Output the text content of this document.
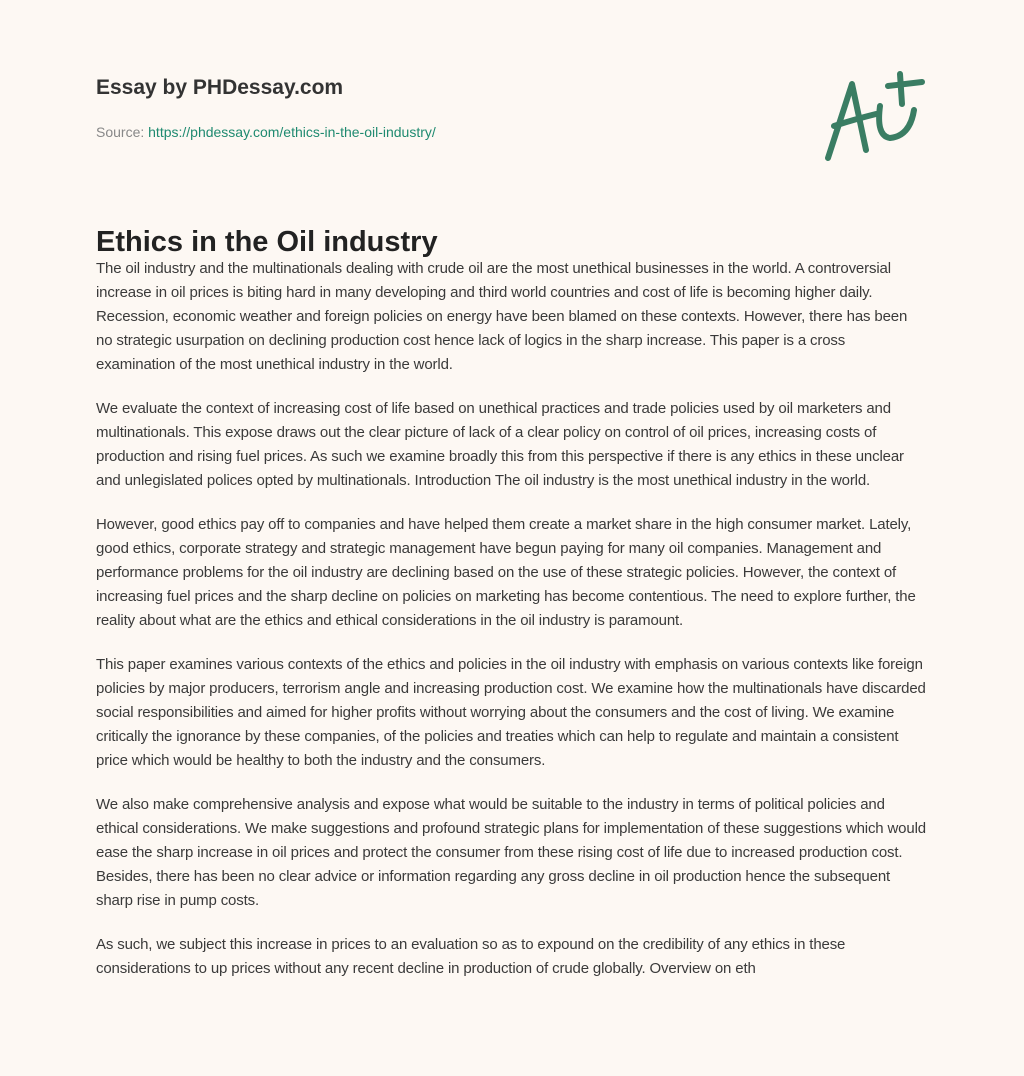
Essay by PHDessay.com

Source: https://phdessay.com/ethics-in-the-oil-industry/
Ethics in the Oil industry

The oil industry and the multinationals dealing with crude oil are the most unethical businesses in the world. A controversial increase in oil prices is biting hard in many developing and third world countries and cost of life is becoming higher daily. Recession, economic weather and foreign policies on energy have been blamed on these contexts. However, there has been no strategic usurpation on declining production cost hence lack of logics in the sharp increase. This paper is a cross examination of the most unethical industry in the world.

We evaluate the context of increasing cost of life based on unethical practices and trade policies used by oil marketers and multinationals. This expose draws out the clear picture of lack of a clear policy on control of oil prices, increasing costs of production and rising fuel prices. As such we examine broadly this from this perspective if there is any ethics in these unclear and unlegislated polices opted by multinationals. Introduction The oil industry is the most unethical industry in the world.

However, good ethics pay off to companies and have helped them create a market share in the high consumer market. Lately, good ethics, corporate strategy and strategic management have begun paying for many oil companies. Management and performance problems for the oil industry are declining based on the use of these strategic policies. However, the context of increasing fuel prices and the sharp decline on policies on marketing has become contentious. The need to explore further, the reality about what are the ethics and ethical considerations in the oil industry is paramount.

This paper examines various contexts of the ethics and policies in the oil industry with emphasis on various contexts like foreign policies by major producers, terrorism angle and increasing production cost. We examine how the multinationals have discarded social responsibilities and aimed for higher profits without worrying about the consumers and the cost of living. We examine critically the ignorance by these companies, of the policies and treaties which can help to regulate and maintain a consistent price which would be healthy to both the industry and the consumers.

We also make comprehensive analysis and expose what would be suitable to the industry in terms of political policies and ethical considerations. We make suggestions and profound strategic plans for implementation of these suggestions which would ease the sharp increase in oil prices and protect the consumer from these rising cost of life due to increased production cost. Besides, there has been no clear advice or information regarding any gross decline in oil production hence the subsequent sharp rise in pump costs.

As such, we subject this increase in prices to an evaluation so as to expound on the credibility of any ethics in these considerations to up prices without any recent decline in production of crude globally. Overview on eth
